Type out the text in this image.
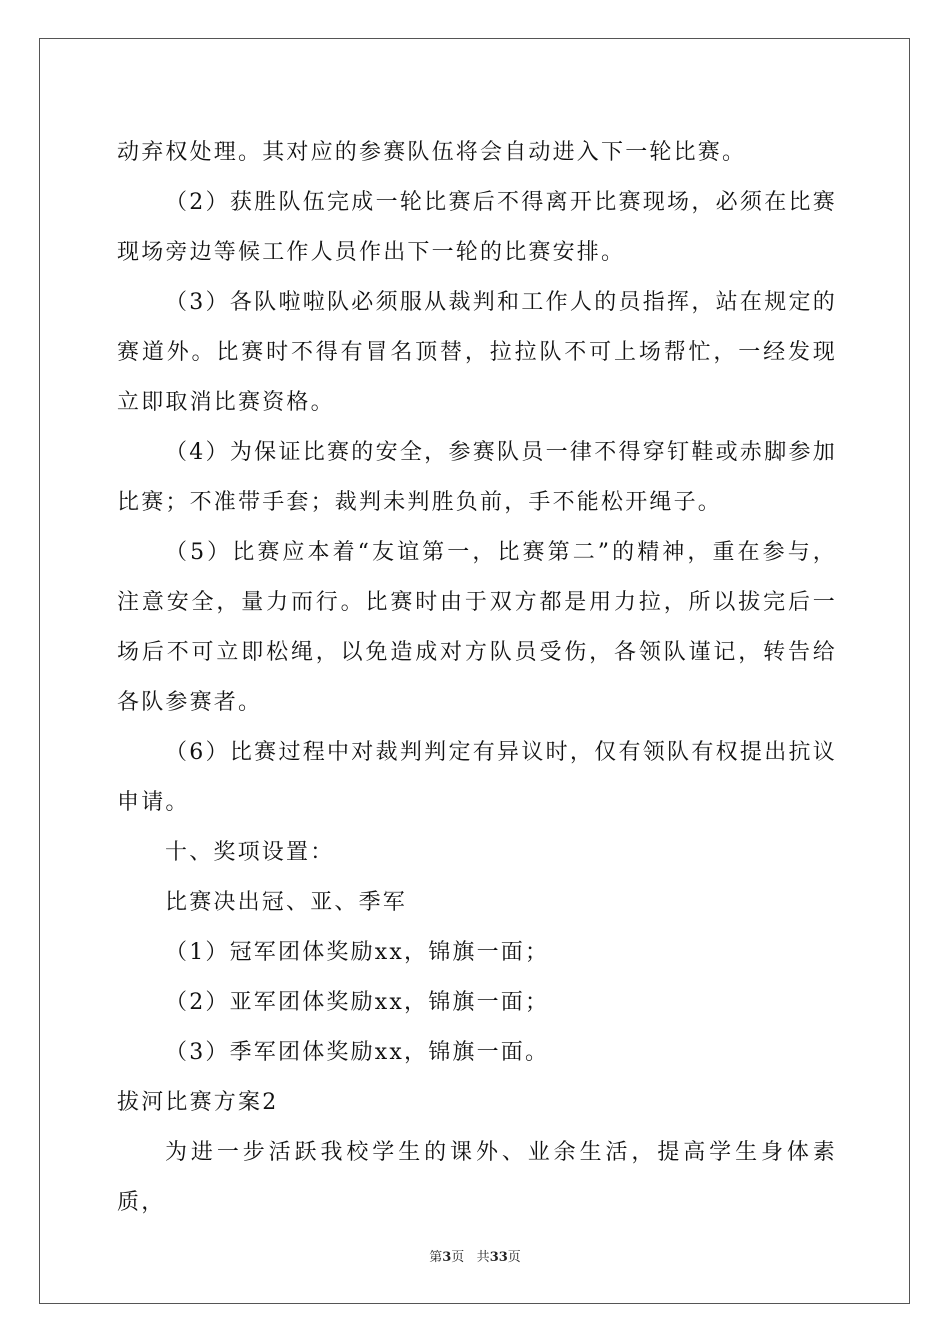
动弃权处理。其对应的参赛队伍将会自动进入下一轮比赛。

（2）获胜队伍完成一轮比赛后不得离开比赛现场，必须在比赛现场旁边等候工作人员作出下一轮的比赛安排。

（3）各队啦啦队必须服从裁判和工作人的员指挥，站在规定的赛道外。比赛时不得有冒名顶替，拉拉队不可上场帮忙，一经发现立即取消比赛资格。

（4）为保证比赛的安全，参赛队员一律不得穿钉鞋或赤脚参加比赛；不准带手套；裁判未判胜负前，手不能松开绳子。

（5）比赛应本着“友谊第一，比赛第二”的精神，重在参与，注意安全，量力而行。比赛时由于双方都是用力拉，所以拔完后一场后不可立即松绳，以免造成对方队员受伤，各领队谨记，转告给各队参赛者。

（6）比赛过程中对裁判判定有异议时，仅有领队有权提出抗议申请。

十、奖项设置：

比赛决出冠、亚、季军

（1）冠军团体奖励xx，锦旗一面；

（2）亚军团体奖励xx，锦旗一面；

（3）季军团体奖励xx，锦旗一面。

拔河比赛方案2

为进一步活跃我校学生的课外、业余生活，提高学生身体素质，

第3页 共33页
